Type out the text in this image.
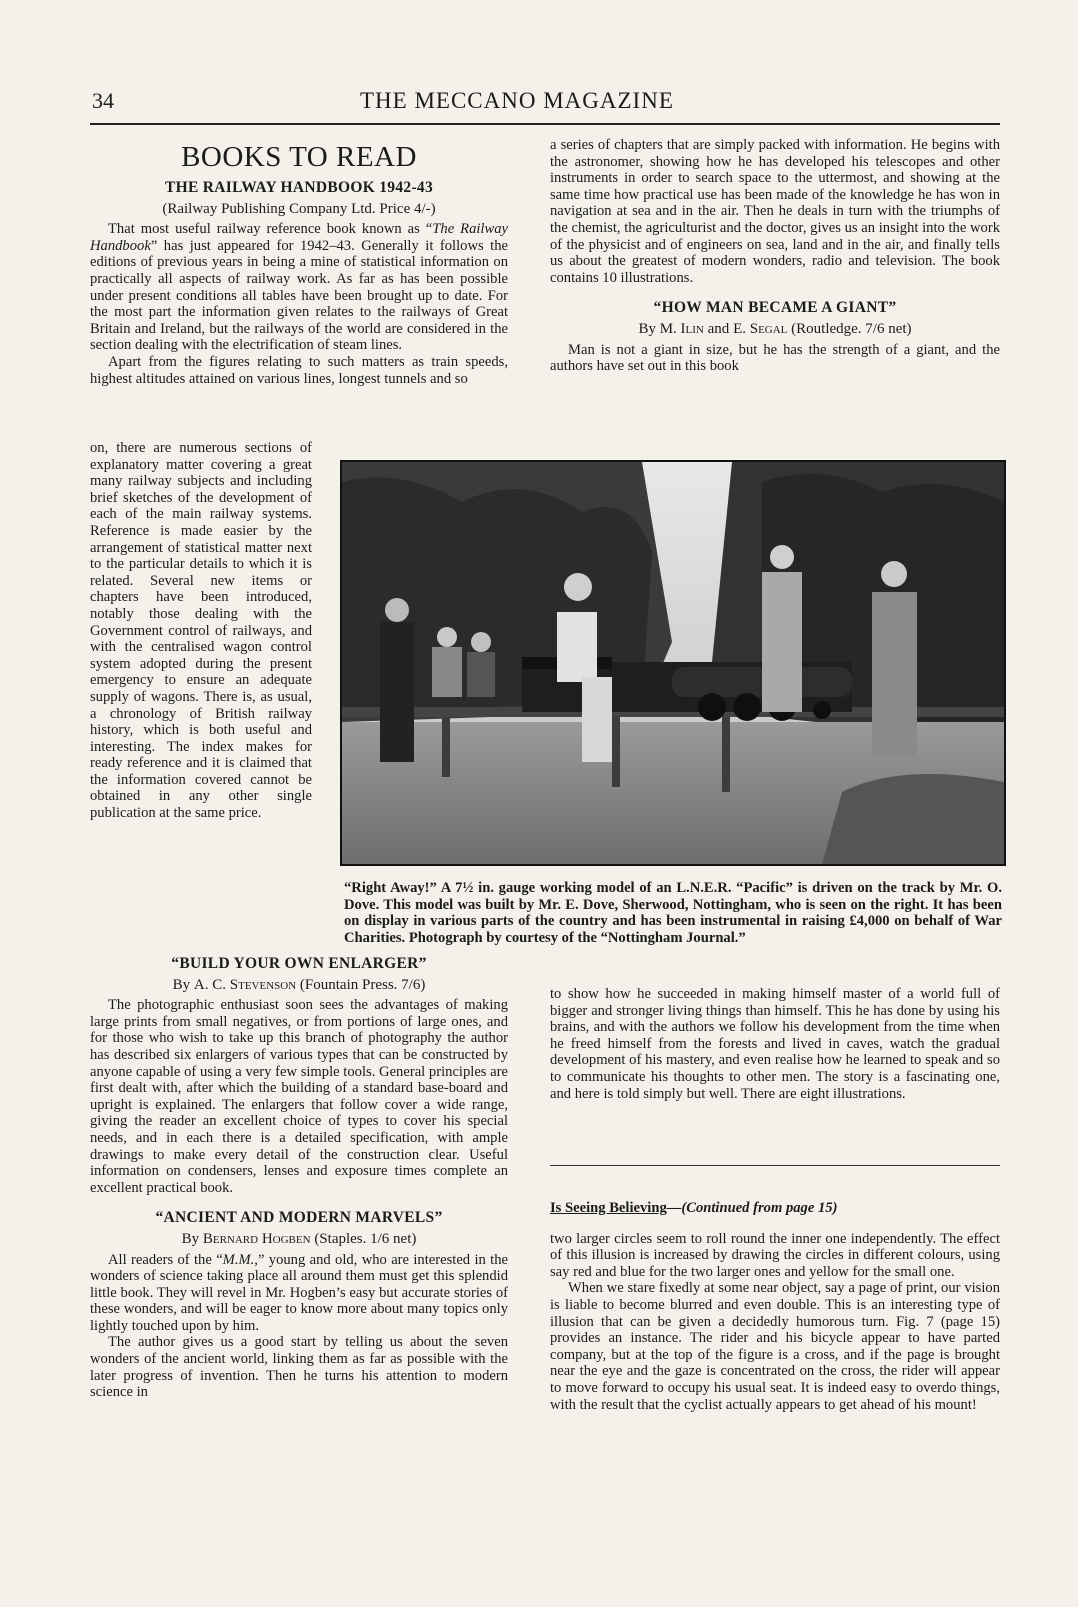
34	THE MECCANO MAGAZINE
BOOKS TO READ
THE RAILWAY HANDBOOK 1942-43
(Railway Publishing Company Ltd. Price 4/-)

That most useful railway reference book known as “The Railway Handbook” has just appeared for 1942–43. Generally it follows the editions of previous years in being a mine of statistical information on practically all aspects of railway work. As far as has been possible under present conditions all tables have been brought up to date. For the most part the information given relates to the railways of Great Britain and Ireland, but the railways of the world are considered in the section dealing with the electrification of steam lines.

Apart from the figures relating to such matters as train speeds, highest altitudes attained on various lines, longest tunnels and so

on, there are numerous sections of explanatory matter covering a great many railway subjects and including brief sketches of the development of each of the main railway systems. Reference is made easier by the arrangement of statistical matter next to the particular details to which it is related. Several new items or chapters have been introduced, notably those dealing with the Government control of railways, and with the centralised wagon control system adopted during the present emergency to ensure an adequate supply of wagons. There is, as usual, a chronology of British railway history, which is both useful and interesting. The index makes for ready reference and it is claimed that the information covered cannot be obtained in any other single publication at the same price.

“Right Away!” A 7½ in. gauge working model of an L.N.E.R. “Pacific” is driven on the track by Mr. O. Dove. This model was built by Mr. E. Dove, Sherwood, Nottingham, who is seen on the right. It has been on display in various parts of the country and has been instrumental in raising £4,000 on behalf of War Charities. Photograph by courtesy of the “Nottingham Journal.”
“BUILD YOUR OWN ENLARGER”
By A. C. Stevenson (Fountain Press. 7/6)

The photographic enthusiast soon sees the advantages of making large prints from small negatives, or from portions of large ones, and for those who wish to take up this branch of photography the author has described six enlargers of various types that can be constructed by anyone capable of using a very few simple tools. General principles are first dealt with, after which the building of a standard base-board and upright is explained. The enlargers that follow cover a wide range, giving the reader an excellent choice of types to cover his special needs, and in each there is a detailed specification, with ample drawings to make every detail of the construction clear. Useful information on condensers, lenses and exposure times complete an excellent practical book.

“ANCIENT AND MODERN MARVELS”
By Bernard Hogben (Staples. 1/6 net)

All readers of the “M.M.,” young and old, who are interested in the wonders of science taking place all around them must get this splendid little book. They will revel in Mr. Hogben’s easy but accurate stories of these wonders, and will be eager to know more about many topics only lightly touched upon by him.

The author gives us a good start by telling us about the seven wonders of the ancient world, linking them as far as possible with the later progress of invention. Then he turns his attention to modern science in

a series of chapters that are simply packed with information. He begins with the astronomer, showing how he has developed his telescopes and other instruments in order to search space to the uttermost, and showing at the same time how practical use has been made of the knowledge he has won in navigation at sea and in the air. Then he deals in turn with the triumphs of the chemist, the agriculturist and the doctor, gives us an insight into the work of the physicist and of engineers on sea, land and in the air, and finally tells us about the greatest of modern wonders, radio and television. The book contains 10 illustrations.

“HOW MAN BECAME A GIANT”
By M. Ilin and E. Segal (Routledge. 7/6 net)

Man is not a giant in size, but he has the strength of a giant, and the authors have set out in this book

to show how he succeeded in making himself master of a world full of bigger and stronger living things than himself. This he has done by using his brains, and with the authors we follow his development from the time when he freed himself from the forests and lived in caves, watch the gradual development of his mastery, and even realise how he learned to speak and so to communicate his thoughts to other men. The story is a fascinating one, and here is told simply but well. There are eight illustrations.

Is Seeing Believing—(Continued from page 15)

two larger circles seem to roll round the inner one independently. The effect of this illusion is increased by drawing the circles in different colours, using say red and blue for the two larger ones and yellow for the small one.

When we stare fixedly at some near object, say a page of print, our vision is liable to become blurred and even double. This is an interesting type of illusion that can be given a decidedly humorous turn. Fig. 7 (page 15) provides an instance. The rider and his bicycle appear to have parted company, but at the top of the figure is a cross, and if the page is brought near the eye and the gaze is concentrated on the cross, the rider will appear to move forward to occupy his usual seat. It is indeed easy to overdo things, with the result that the cyclist actually appears to get ahead of his mount!
